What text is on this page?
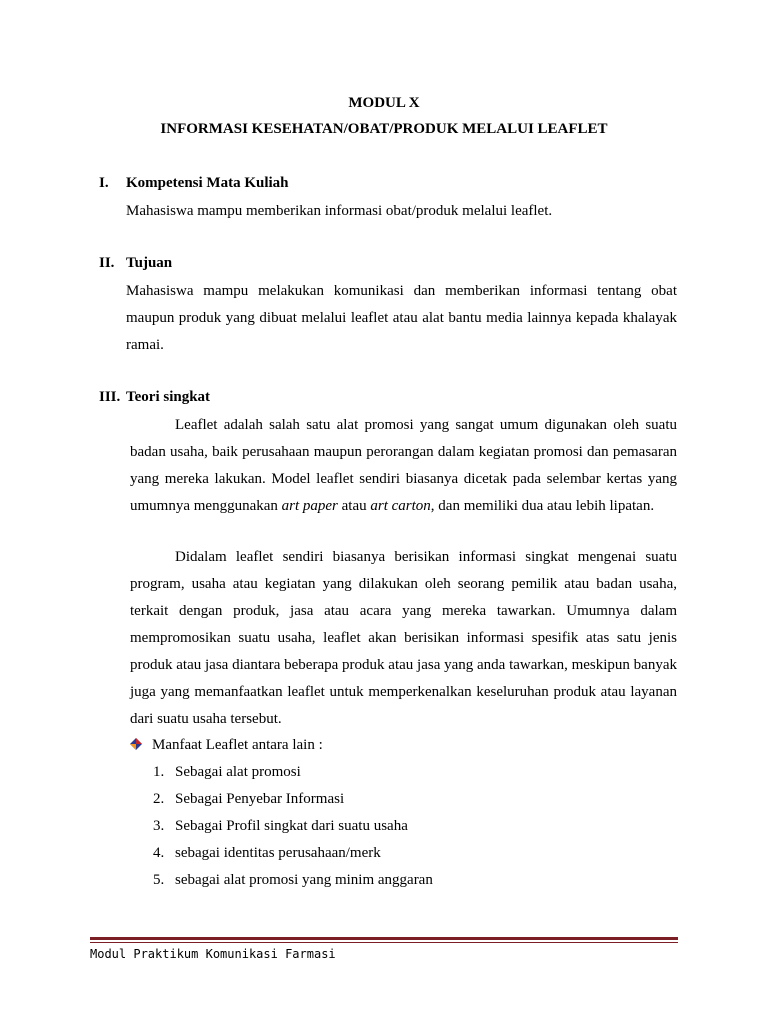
MODUL X
INFORMASI KESEHATAN/OBAT/PRODUK MELALUI LEAFLET
I. Kompetensi Mata Kuliah
Mahasiswa mampu memberikan informasi obat/produk melalui leaflet.
II. Tujuan
Mahasiswa mampu melakukan komunikasi dan memberikan informasi tentang obat maupun produk yang dibuat melalui leaflet atau alat bantu media lainnya kepada khalayak ramai.
III. Teori singkat
Leaflet adalah salah satu alat promosi yang sangat umum digunakan oleh suatu badan usaha, baik perusahaan maupun perorangan dalam kegiatan promosi dan pemasaran yang mereka lakukan. Model leaflet sendiri biasanya dicetak pada selembar kertas yang umumnya menggunakan art paper atau art carton, dan memiliki dua atau lebih lipatan.
Didalam leaflet sendiri biasanya berisikan informasi singkat mengenai suatu program, usaha atau kegiatan yang dilakukan oleh seorang pemilik atau badan usaha, terkait dengan produk, jasa atau acara yang mereka tawarkan. Umumnya dalam mempromosikan suatu usaha, leaflet akan berisikan informasi spesifik atas satu jenis produk atau jasa diantara beberapa produk atau jasa yang anda tawarkan, meskipun banyak juga yang memanfaatkan leaflet untuk memperkenalkan keseluruhan produk atau layanan dari suatu usaha tersebut.
Manfaat Leaflet antara lain :
1. Sebagai alat promosi
2. Sebagai Penyebar Informasi
3. Sebagai Profil singkat dari suatu usaha
4. sebagai identitas perusahaan/merk
5. sebagai alat promosi yang minim anggaran
Modul Praktikum Komunikasi Farmasi
